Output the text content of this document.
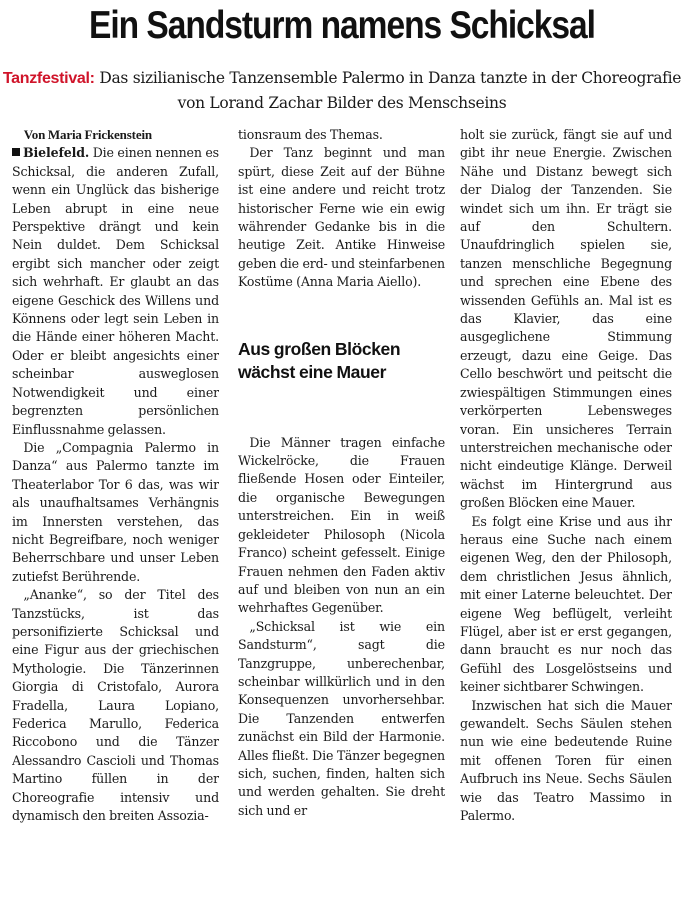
Ein Sandsturm namens Schicksal
Tanzfestival: Das sizilianische Tanzensemble Palermo in Danza tanzte in der Choreografie von Lorand Zachar Bilder des Menschseins

Von Maria Frickenstein

Bielefeld. Die einen nennen es Schicksal, die anderen Zufall, wenn ein Unglück das bisherige Leben abrupt in eine neue Perspektive drängt und kein Nein duldet. Dem Schicksal ergibt sich mancher oder zeigt sich wehrhaft. Er glaubt an das eigene Geschick des Willens und Könnens oder legt sein Leben in die Hände einer höheren Macht. Oder er bleibt angesichts einer scheinbar ausweglosen Notwendigkeit und einer begrenzten persönlichen Einflussnahme gelassen.

Die „Compagnia Palermo in Danza“ aus Palermo tanzte im Theaterlabor Tor 6 das, was wir als unaufhaltsames Verhängnis im Innersten verstehen, das nicht Begreifbare, noch weniger Beherrschbare und unser Leben zutiefst Berührende.

„Ananke“, so der Titel des Tanzstücks, ist das personifizierte Schicksal und eine Figur aus der griechischen Mythologie. Die Tänzerinnen Giorgia di Cristofalo, Aurora Fradella, Laura Lopiano, Federica Marullo, Federica Riccobono und die Tänzer Alessandro Cascioli und Thomas Martino füllen in der Choreografie intensiv und dynamisch den breiten Assozia-

tionsraum des Themas.

Der Tanz beginnt und man spürt, diese Zeit auf der Bühne ist eine andere und reicht trotz historischer Ferne wie ein ewig währender Gedanke bis in die heutige Zeit. Antike Hinweise geben die erd- und steinfarbenen Kostüme (Anna Maria Aiello).

Aus großen Blöcken wächst eine Mauer

Die Männer tragen einfache Wickelröcke, die Frauen fließende Hosen oder Einteiler, die organische Bewegungen unterstreichen. Ein in weiß gekleideter Philosoph (Nicola Franco) scheint gefesselt. Einige Frauen nehmen den Faden aktiv auf und bleiben von nun an ein wehrhaftes Gegenüber.

„Schicksal ist wie ein Sandsturm“, sagt die Tanzgruppe, unberechenbar, scheinbar willkürlich und in den Konsequenzen unvorhersehbar. Die Tanzenden entwerfen zunächst ein Bild der Harmonie. Alles fließt. Die Tänzer begegnen sich, suchen, finden, halten sich und werden gehalten. Sie dreht sich und er

holt sie zurück, fängt sie auf und gibt ihr neue Energie. Zwischen Nähe und Distanz bewegt sich der Dialog der Tanzenden. Sie windet sich um ihn. Er trägt sie auf den Schultern. Unaufdringlich spielen sie, tanzen menschliche Begegnung und sprechen eine Ebene des wissenden Gefühls an. Mal ist es das Klavier, das eine ausgeglichene Stimmung erzeugt, dazu eine Geige. Das Cello beschwört und peitscht die zwiespältigen Stimmungen eines verkörperten Lebensweges voran. Ein unsicheres Terrain unterstreichen mechanische oder nicht eindeutige Klänge. Derweil wächst im Hintergrund aus großen Blöcken eine Mauer.

Es folgt eine Krise und aus ihr heraus eine Suche nach einem eigenen Weg, den der Philosoph, dem christlichen Jesus ähnlich, mit einer Laterne beleuchtet. Der eigene Weg beflügelt, verleiht Flügel, aber ist er erst gegangen, dann braucht es nur noch das Gefühl des Losgelöstseins und keiner sichtbarer Schwingen.

Inzwischen hat sich die Mauer gewandelt. Sechs Säulen stehen nun wie eine bedeutende Ruine mit offenen Toren für einen Aufbruch ins Neue. Sechs Säulen wie das Teatro Massimo in Palermo.
